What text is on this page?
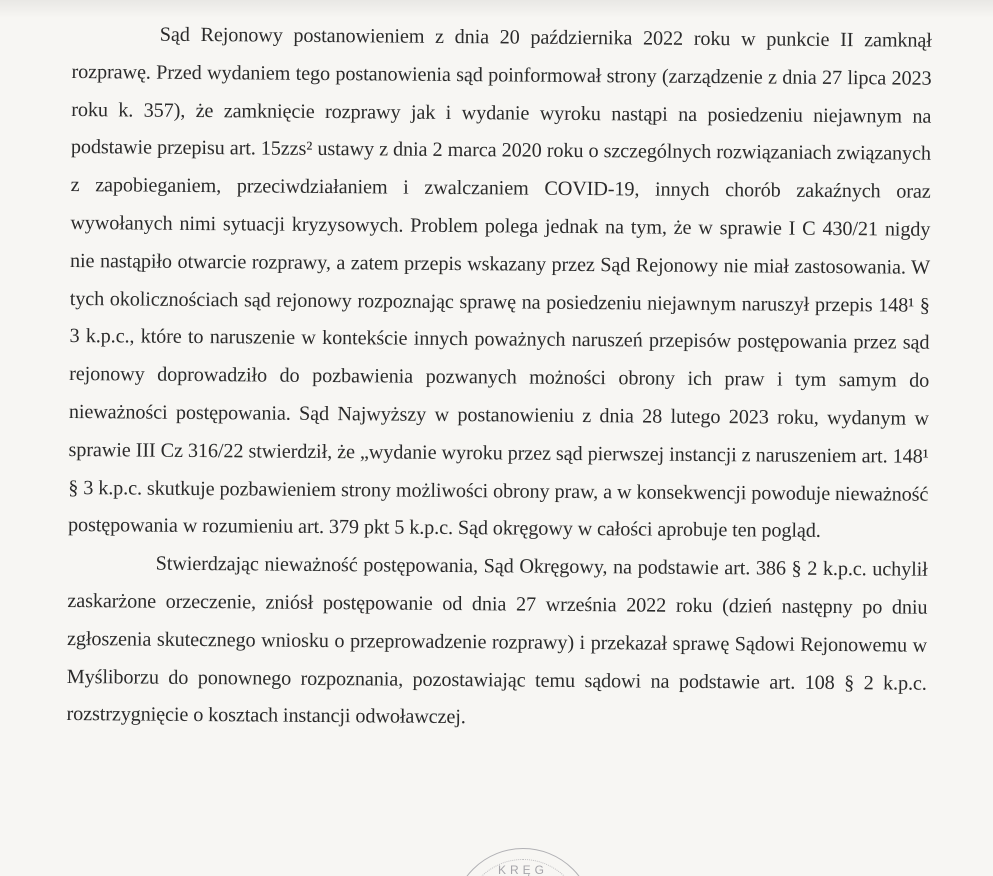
Sąd Rejonowy postanowieniem z dnia 20 października 2022 roku w punkcie II zamknął rozprawę. Przed wydaniem tego postanowienia sąd poinformował strony (zarządzenie z dnia 27 lipca 2023 roku k. 357), że zamknięcie rozprawy jak i wydanie wyroku nastąpi na posiedzeniu niejawnym na podstawie przepisu art. 15zzs² ustawy z dnia 2 marca 2020 roku o szczególnych rozwiązaniach związanych z zapobieganiem, przeciwdziałaniem i zwalczaniem COVID-19, innych chorób zakaźnych oraz wywołanych nimi sytuacji kryzysowych. Problem polega jednak na tym, że w sprawie I C 430/21 nigdy nie nastąpiło otwarcie rozprawy, a zatem przepis wskazany przez Sąd Rejonowy nie miał zastosowania. W tych okolicznościach sąd rejonowy rozpoznając sprawę na posiedzeniu niejawnym naruszył przepis 148¹ § 3 k.p.c., które to naruszenie w kontekście innych poważnych naruszeń przepisów postępowania przez sąd rejonowy doprowadziło do pozbawienia pozwanych możności obrony ich praw i tym samym do nieważności postępowania. Sąd Najwyższy w postanowieniu z dnia 28 lutego 2023 roku, wydanym w sprawie III Cz 316/22 stwierdził, że „wydanie wyroku przez sąd pierwszej instancji z naruszeniem art. 148¹ § 3 k.p.c. skutkuje pozbawieniem strony możliwości obrony praw, a w konsekwencji powoduje nieważność postępowania w rozumieniu art. 379 pkt 5 k.p.c. Sąd okręgowy w całości aprobuje ten pogląd.

Stwierdzając nieważność postępowania, Sąd Okręgowy, na podstawie art. 386 § 2 k.p.c. uchylił zaskarżone orzeczenie, zniósł postępowanie od dnia 27 września 2022 roku (dzień następny po dniu zgłoszenia skutecznego wniosku o przeprowadzenie rozprawy) i przekazał sprawę Sądowi Rejonowemu w Myśliborzu do ponownego rozpoznania, pozostawiając temu sądowi na podstawie art. 108 § 2 k.p.c. rozstrzygnięcie o kosztach instancji odwoławczej.

KRĘG
